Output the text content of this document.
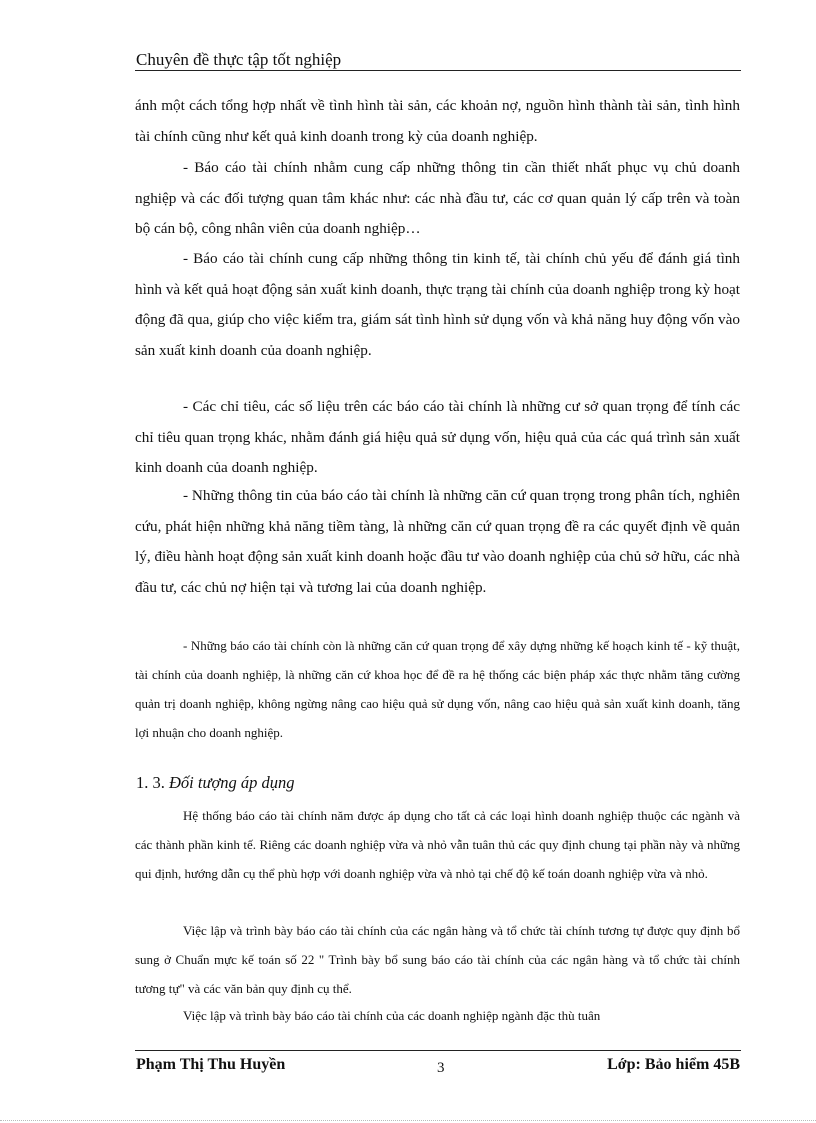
Chuyên đề thực tập tốt nghiệp

ánh một cách tổng hợp nhất về tình hình tài sản, các khoản nợ, nguồn hình thành tài sản, tình hình tài chính cũng như kết quả kinh doanh trong kỳ của doanh nghiệp.

- Báo cáo tài chính nhằm cung cấp những thông tin cần thiết nhất phục vụ chủ doanh nghiệp và các đối tượng quan tâm khác như: các nhà đầu tư, các cơ quan quản lý cấp trên và toàn bộ cán bộ, công nhân viên của doanh nghiệp…

- Báo cáo tài chính cung cấp những thông tin kinh tế, tài chính chủ yếu để đánh giá tình hình và kết quả hoạt động sản xuất kinh doanh, thực trạng tài chính của doanh nghiệp trong kỳ hoạt động đã qua, giúp cho việc kiểm tra, giám sát tình hình sử dụng vốn và khả năng huy động vốn vào sản xuất kinh doanh của doanh nghiệp.

- Các chỉ tiêu, các số liệu trên các báo cáo tài chính là những cư sở quan trọng để tính các chỉ tiêu quan trọng khác, nhằm đánh giá hiệu quả sử dụng vốn, hiệu quả của các quá trình sản xuất kinh doanh của doanh nghiệp.

- Những thông tin của báo cáo tài chính là những căn cứ quan trọng trong phân tích, nghiên cứu, phát hiện những khả năng tiềm tàng, là những căn cứ quan trọng đề ra các quyết định về quản lý, điều hành hoạt động sản xuất kinh doanh hoặc đầu tư vào doanh nghiệp của chủ sở hữu, các nhà đầu tư, các chủ nợ hiện tại và tương lai của doanh nghiệp.

- Những báo cáo tài chính còn là những căn cứ quan trọng để xây dựng những kế hoạch kinh tế - kỹ thuật, tài chính của doanh nghiệp, là những căn cứ khoa học để đề ra hệ thống các biện pháp xác thực nhằm tăng cường quản trị doanh nghiệp, không ngừng nâng cao hiệu quả sử dụng vốn, nâng cao hiệu quả sản xuất kinh doanh, tăng lợi nhuận cho doanh nghiệp.

1. 3. Đối tượng áp dụng

Hệ thống báo cáo tài chính năm được áp dụng cho tất cả các loại hình doanh nghiệp thuộc các ngành và các thành phần kinh tế. Riêng các doanh nghiệp vừa và nhỏ vẫn tuân thủ các quy định chung tại phần này và những qui định, hướng dẫn cụ thể phù hợp với doanh nghiệp vừa và nhỏ tại chế độ kế toán doanh nghiệp vừa và nhỏ.

Việc lập và trình bày báo cáo tài chính của các ngân hàng và tổ chức tài chính tương tự được quy định bổ sung ở Chuẩn mực kế toán số 22 " Trình bày bổ sung báo cáo tài chính của các ngân hàng và tổ chức tài chính tương tự" và các văn bản quy định cụ thể.

Việc lập và trình bày báo cáo tài chính của các doanh nghiệp ngành đặc thù tuân

Phạm Thị Thu Huyền	3	Lớp: Bảo hiểm 45B
